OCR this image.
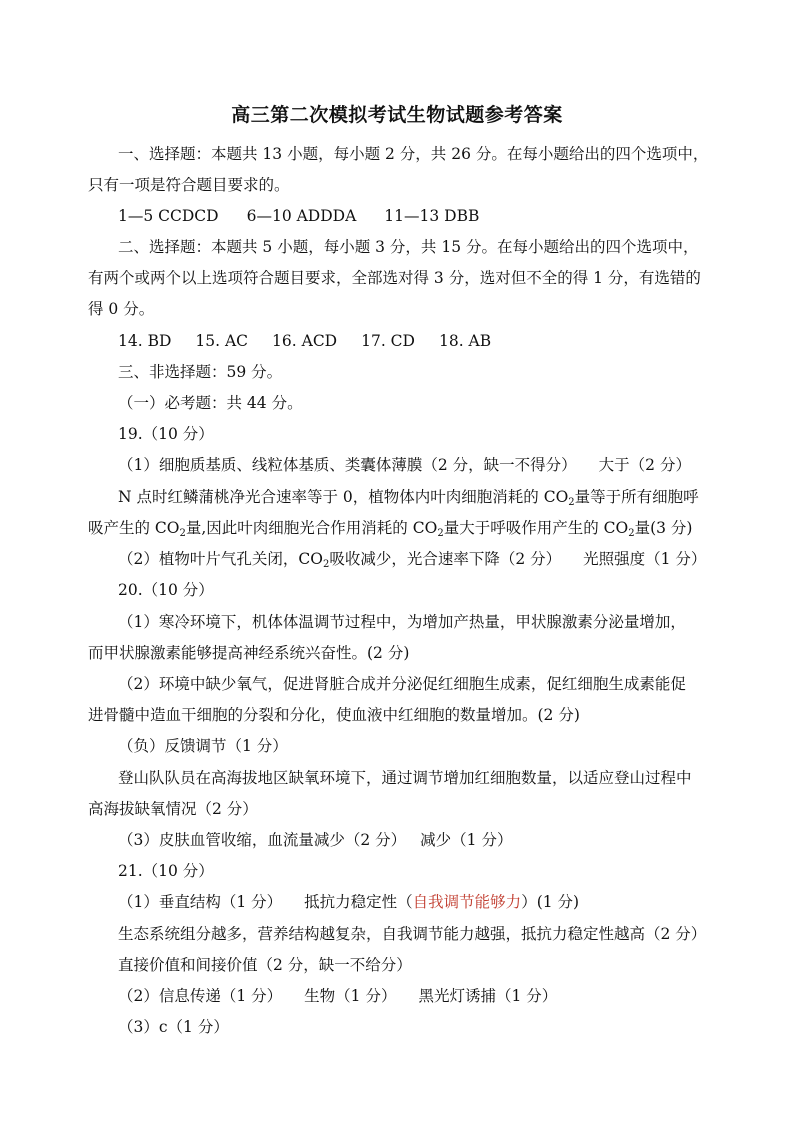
高三第二次模拟考试生物试题参考答案
一、选择题：本题共 13 小题，每小题 2 分，共 26 分。在每小题给出的四个选项中，
只有一项是符合题目要求的。
1—5 CCDCD 6—10 ADDDA 11—13 DBB
二、选择题：本题共 5 小题，每小题 3 分，共 15 分。在每小题给出的四个选项中，
有两个或两个以上选项符合题目要求，全部选对得 3 分，选对但不全的得 1 分，有选错的
得 0 分。
14. BD 15. AC 16. ACD 17. CD 18. AB
三、非选择题：59 分。
（一）必考题：共 44 分。
19.（10 分）
（1）细胞质基质、线粒体基质、类囊体薄膜（2 分，缺一不得分） 大于（2 分）
N 点时红鳞蒲桃净光合速率等于 0，植物体内叶肉细胞消耗的 $CO_2$量等于所有细胞呼
吸产生的 $CO_2$量,因此叶肉细胞光合作用消耗的 $CO_2$量大于呼吸作用产生的 $CO_2$量(3 分)
（2）植物叶片气孔关闭，$CO_2$吸收减少，光合速率下降（2 分） 光照强度（1 分）
20.（10 分）
（1）寒冷环境下，机体体温调节过程中，为增加产热量，甲状腺激素分泌量增加，
而甲状腺激素能够提高神经系统兴奋性。(2 分)
（2）环境中缺少氧气，促进肾脏合成并分泌促红细胞生成素，促红细胞生成素能促
进骨髓中造血干细胞的分裂和分化，使血液中红细胞的数量增加。(2 分)
（负）反馈调节（1 分）
登山队队员在高海拔地区缺氧环境下，通过调节增加红细胞数量，以适应登山过程中
高海拔缺氧情况（2 分）
（3）皮肤血管收缩，血流量减少（2 分） 减少（1 分）
21.（10 分）
（1）垂直结构（1 分） 抵抗力稳定性（自我调节能够力）(1 分)
生态系统组分越多，营养结构越复杂，自我调节能力越强，抵抗力稳定性越高（2 分）
直接价值和间接价值（2 分，缺一不给分）
（2）信息传递（1 分） 生物（1 分） 黑光灯诱捕（1 分）
（3）c（1 分）
